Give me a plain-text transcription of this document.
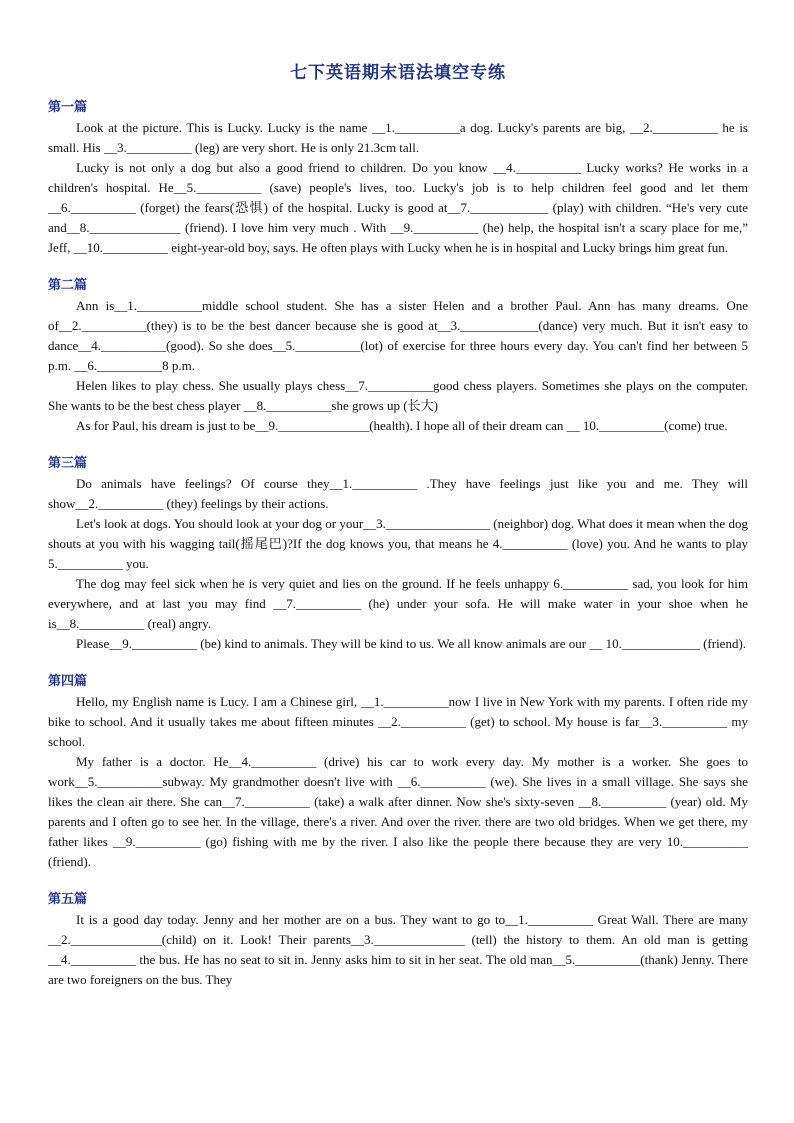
七下英语期末语法填空专练
第一篇

Look at the picture. This is Lucky. Lucky is the name __1.__________a dog. Lucky's parents are big, __2.__________ he is small. His __3.__________ (leg) are very short. He is only 21.3cm tall.

Lucky is not only a dog but also a good friend to children. Do you know __4.__________ Lucky works? He works in a children's hospital. He__5.__________ (save) people's lives, too. Lucky's job is to help children feel good and let them __6.__________ (forget) the fears(恐惧) of the hospital. Lucky is good at__7.____________ (play) with children. “He's very cute and__8.______________ (friend). I love him very much . With __9.__________ (he) help, the hospital isn't a scary place for me,” Jeff, __10.__________ eight-year-old boy, says. He often plays with Lucky when he is in hospital and Lucky brings him great fun.

第二篇

Ann is__1.__________middle school student. She has a sister Helen and a brother Paul. Ann has many dreams. One of__2.__________(they) is to be the best dancer because she is good at__3.____________(dance) very much. But it isn't easy to dance__4.__________(good). So she does__5.__________(lot) of exercise for three hours every day. You can't find her between 5 p.m. __6.__________8 p.m.

Helen likes to play chess. She usually plays chess__7.__________good chess players. Sometimes she plays on the computer. She wants to be the best chess player __8.__________she grows up (长大)

As for Paul, his dream is just to be__9.______________(health). I hope all of their dream can __ 10.__________(come) true.

第三篇

Do animals have feelings? Of course they__1.__________ .They have feelings just like you and me. They will show__2.__________ (they) feelings by their actions.

Let's look at dogs. You should look at your dog or your__3.________________ (neighbor) dog. What does it mean when the dog shouts at you with his wagging tail(摇尾巴)?If the dog knows you, that means he 4.__________ (love) you. And he wants to play 5.__________ you.

The dog may feel sick when he is very quiet and lies on the ground. If he feels unhappy 6.__________ sad, you look for him everywhere, and at last you may find __7.__________ (he) under your sofa. He will make water in your shoe when he is__8.__________ (real) angry.

Please__9.__________ (be) kind to animals. They will be kind to us. We all know animals are our __ 10.____________ (friend).

第四篇

Hello, my English name is Lucy. I am a Chinese girl, __1.__________now I live in New York with my parents. I often ride my bike to school. And it usually takes me about fifteen minutes __2.__________ (get) to school. My house is far__3.__________ my school.

My father is a doctor. He__4.__________ (drive) his car to work every day. My mother is a worker. She goes to work__5.__________subway. My grandmother doesn't live with __6.__________ (we). She lives in a small village. She says she likes the clean air there. She can__7.__________ (take) a walk after dinner. Now she's sixty-seven __8.__________ (year) old. My parents and I often go to see her. In the village, there's a river. And over the river. there are two old bridges. When we get there, my father likes __9.__________ (go) fishing with me by the river. I also like the people there because they are very 10.__________ (friend).

第五篇

It is a good day today. Jenny and her mother are on a bus. They want to go to__1.__________ Great Wall. There are many __2.______________(child) on it. Look! Their parents__3.______________ (tell) the history to them. An old man is getting __4.__________ the bus. He has no seat to sit in. Jenny asks him to sit in her seat. The old man__5.__________(thank) Jenny. There are two foreigners on the bus. They
